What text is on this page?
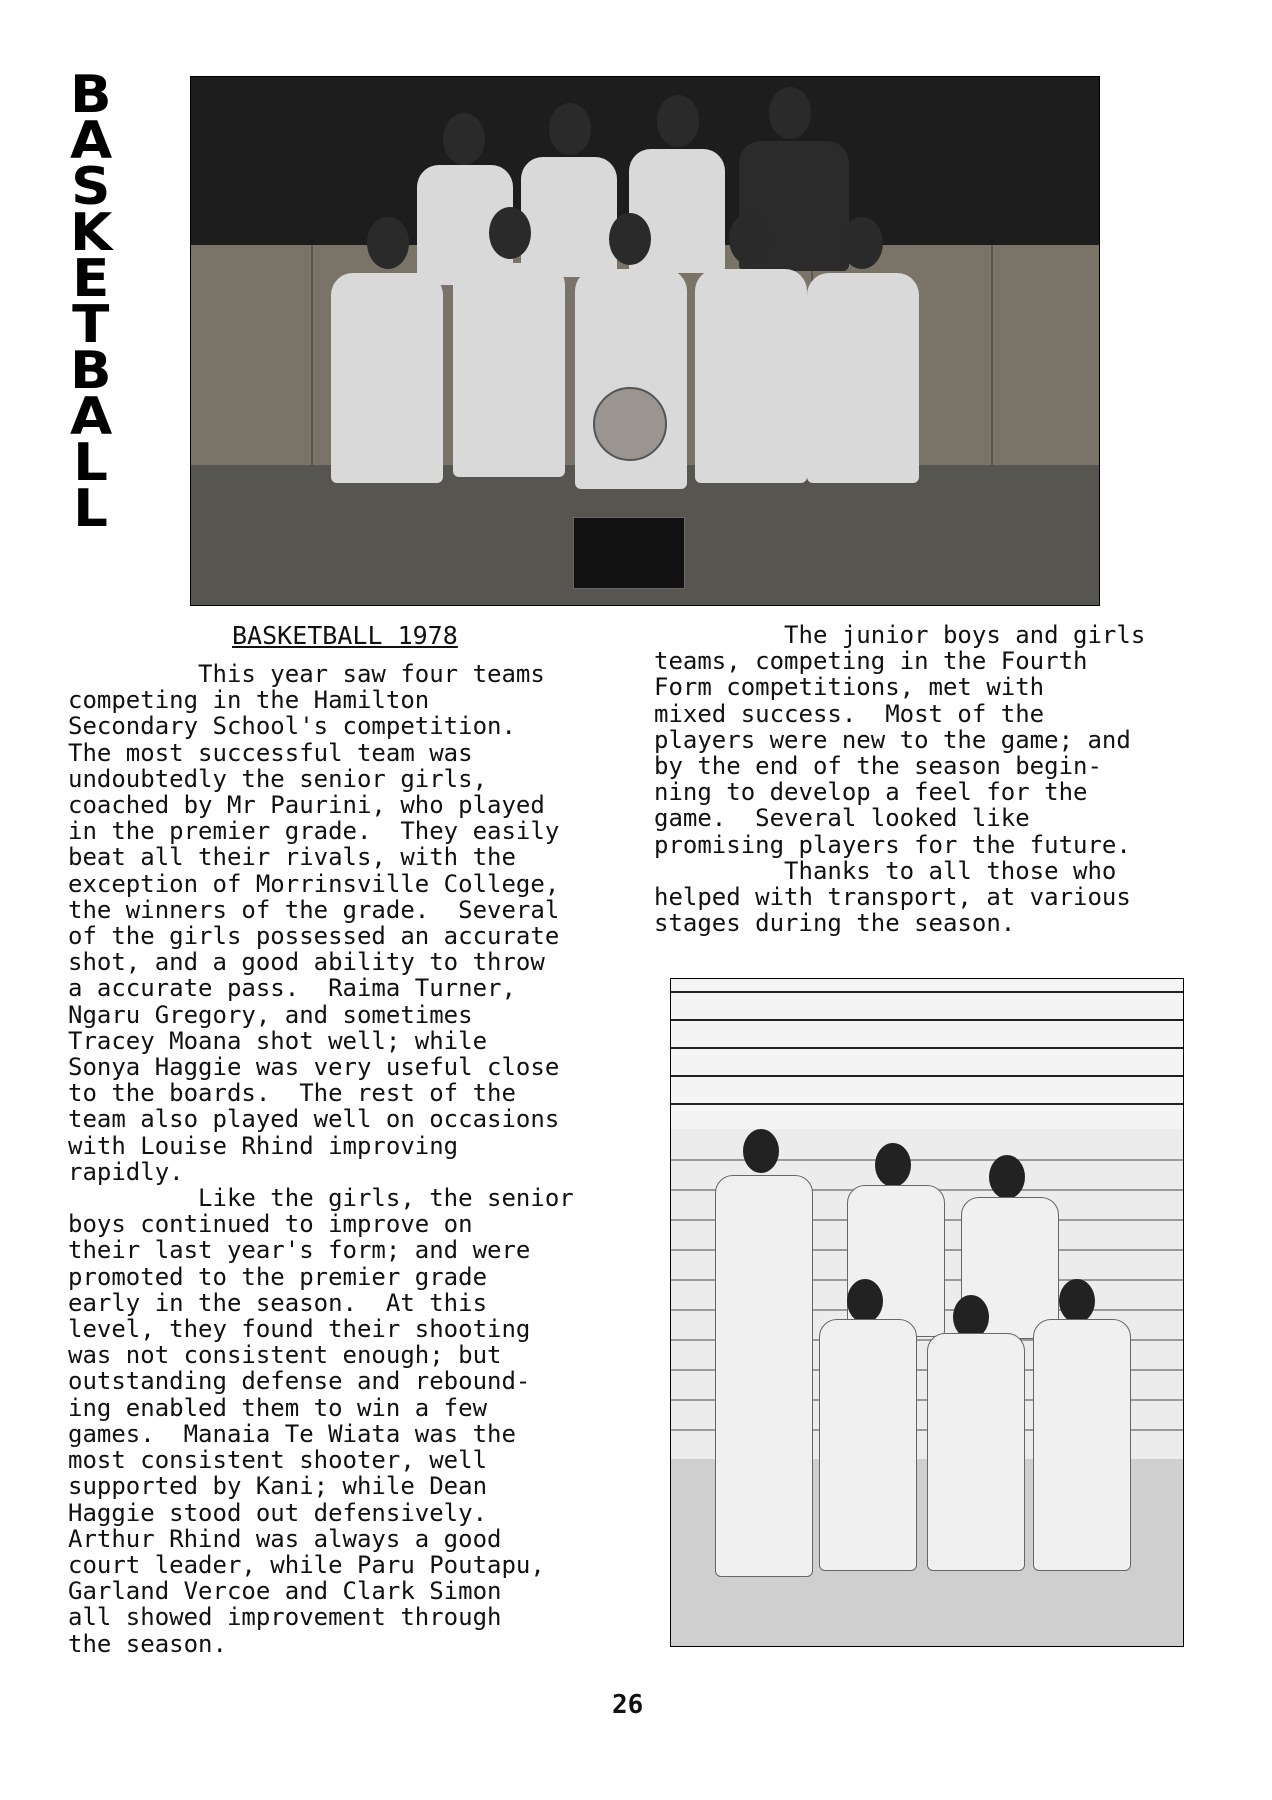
B
A
S
K
E
T
B
A
L
L
BASKETBALL 1978
This year saw four teams
competing in the Hamilton
Secondary School's competition.
The most successful team was
undoubtedly the senior girls,
coached by Mr Paurini, who played
in the premier grade.  They easily
beat all their rivals, with the
exception of Morrinsville College,
the winners of the grade.  Several
of the girls possessed an accurate
shot, and a good ability to throw
a accurate pass.  Raima Turner,
Ngaru Gregory, and sometimes
Tracey Moana shot well; while
Sonya Haggie was very useful close
to the boards.  The rest of the
team also played well on occasions
with Louise Rhind improving
rapidly.
Like the girls, the senior
boys continued to improve on
their last year's form; and were
promoted to the premier grade
early in the season.  At this
level, they found their shooting
was not consistent enough; but
outstanding defense and rebound-
ing enabled them to win a few
games.  Manaia Te Wiata was the
most consistent shooter, well
supported by Kani; while Dean
Haggie stood out defensively.
Arthur Rhind was always a good
court leader, while Paru Poutapu,
Garland Vercoe and Clark Simon
all showed improvement through
the season.
The junior boys and girls
teams, competing in the Fourth
Form competitions, met with
mixed success.  Most of the
players were new to the game; and
by the end of the season begin-
ning to develop a feel for the
game.  Several looked like
promising players for the future.
Thanks to all those who
helped with transport, at various
stages during the season.
26
